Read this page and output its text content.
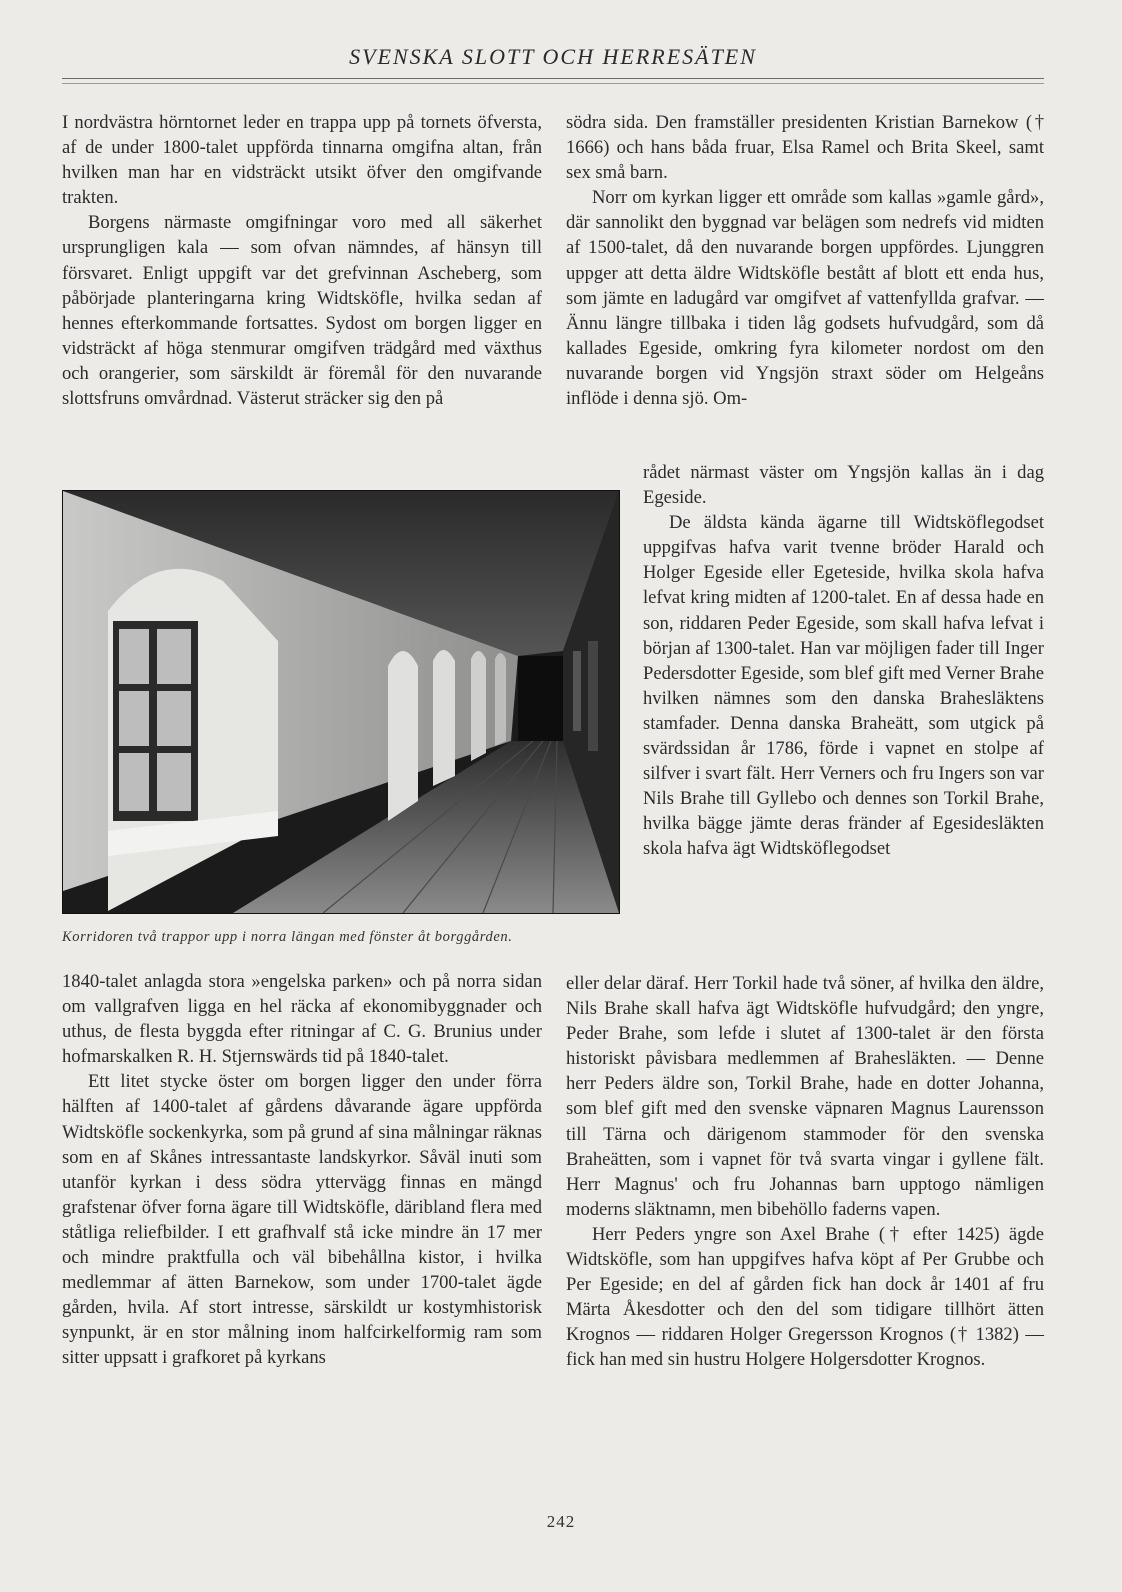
SVENSKA SLOTT OCH HERRESÄTEN

I nordvästra hörntornet leder en trappa upp på tornets öfversta, af de under 1800-talet uppförda tinnarna omgifna altan, från hvilken man har en vidsträckt utsikt öfver den omgifvande trakten.

Borgens närmaste omgifningar voro med all säkerhet ursprungligen kala — som ofvan nämndes, af hänsyn till försvaret. Enligt uppgift var det grefvinnan Ascheberg, som påbörjade planteringarna kring Widtsköfle, hvilka sedan af hennes efterkommande fortsattes. Sydost om borgen ligger en vidsträckt af höga stenmurar omgifven trädgård med växthus och orangerier, som särskildt är föremål för den nuvarande slottsfruns omvårdnad. Västerut sträcker sig den på

Korridoren två trappor upp i norra längan med fönster åt borggården.

1840-talet anlagda stora »engelska parken» och på norra sidan om vallgrafven ligga en hel räcka af ekonomibyggnader och uthus, de flesta byggda efter ritningar af C. G. Brunius under hofmarskalken R. H. Stjernswärds tid på 1840-talet.

Ett litet stycke öster om borgen ligger den under förra hälften af 1400-talet af gårdens dåvarande ägare uppförda Widtsköfle sockenkyrka, som på grund af sina målningar räknas som en af Skånes intressantaste landskyrkor. Såväl inuti som utanför kyrkan i dess södra yttervägg finnas en mängd grafstenar öfver forna ägare till Widtsköfle, däribland flera med ståtliga reliefbilder. I ett grafhvalf stå icke mindre än 17 mer och mindre praktfulla och väl bibehållna kistor, i hvilka medlemmar af ätten Barnekow, som under 1700-talet ägde gården, hvila. Af stort intresse, särskildt ur kostymhistorisk synpunkt, är en stor målning inom halfcirkelformig ram som sitter uppsatt i grafkoret på kyrkans

södra sida. Den framställer presidenten Kristian Barnekow († 1666) och hans båda fruar, Elsa Ramel och Brita Skeel, samt sex små barn.

Norr om kyrkan ligger ett område som kallas »gamle gård», där sannolikt den byggnad var belägen som nedrefs vid midten af 1500-talet, då den nuvarande borgen uppfördes. Ljunggren uppger att detta äldre Widtsköfle bestått af blott ett enda hus, som jämte en ladugård var omgifvet af vattenfyllda grafvar. — Ännu längre tillbaka i tiden låg godsets hufvudgård, som då kallades Egeside, omkring fyra kilometer nordost om den nuvarande borgen vid Yngsjön straxt söder om Helgeåns inflöde i denna sjö. Om-

rådet närmast väster om Yngsjön kallas än i dag Egeside.

De äldsta kända ägarne till Widtsköflegodset uppgifvas hafva varit tvenne bröder Harald och Holger Egeside eller Egeteside, hvilka skola hafva lefvat kring midten af 1200-talet. En af dessa hade en son, riddaren Peder Egeside, som skall hafva lefvat i början af 1300-talet. Han var möjligen fader till Inger Pedersdotter Egeside, som blef gift med Verner Brahe hvilken nämnes som den danska Brahesläktens stamfader. Denna danska Braheätt, som utgick på svärdssidan år 1786, förde i vapnet en stolpe af silfver i svart fält. Herr Verners och fru Ingers son var Nils Brahe till Gyllebo och dennes son Torkil Brahe, hvilka bägge jämte deras fränder af Egesidesläkten skola hafva ägt Widtsköflegodset

eller delar däraf. Herr Torkil hade två söner, af hvilka den äldre, Nils Brahe skall hafva ägt Widtsköfle hufvudgård; den yngre, Peder Brahe, som lefde i slutet af 1300-talet är den första historiskt påvisbara medlemmen af Brahesläkten. — Denne herr Peders äldre son, Torkil Brahe, hade en dotter Johanna, som blef gift med den svenske väpnaren Magnus Laurensson till Tärna och därigenom stammoder för den svenska Braheätten, som i vapnet för två svarta vingar i gyllene fält. Herr Magnus' och fru Johannas barn upptogo nämligen moderns släktnamn, men bibehöllo faderns vapen.

Herr Peders yngre son Axel Brahe († efter 1425) ägde Widtsköfle, som han uppgifves hafva köpt af Per Grubbe och Per Egeside; en del af gården fick han dock år 1401 af fru Märta Åkesdotter och den del som tidigare tillhört ätten Krognos — riddaren Holger Gregersson Krognos († 1382) — fick han med sin hustru Holgere Holgersdotter Krognos.

242
